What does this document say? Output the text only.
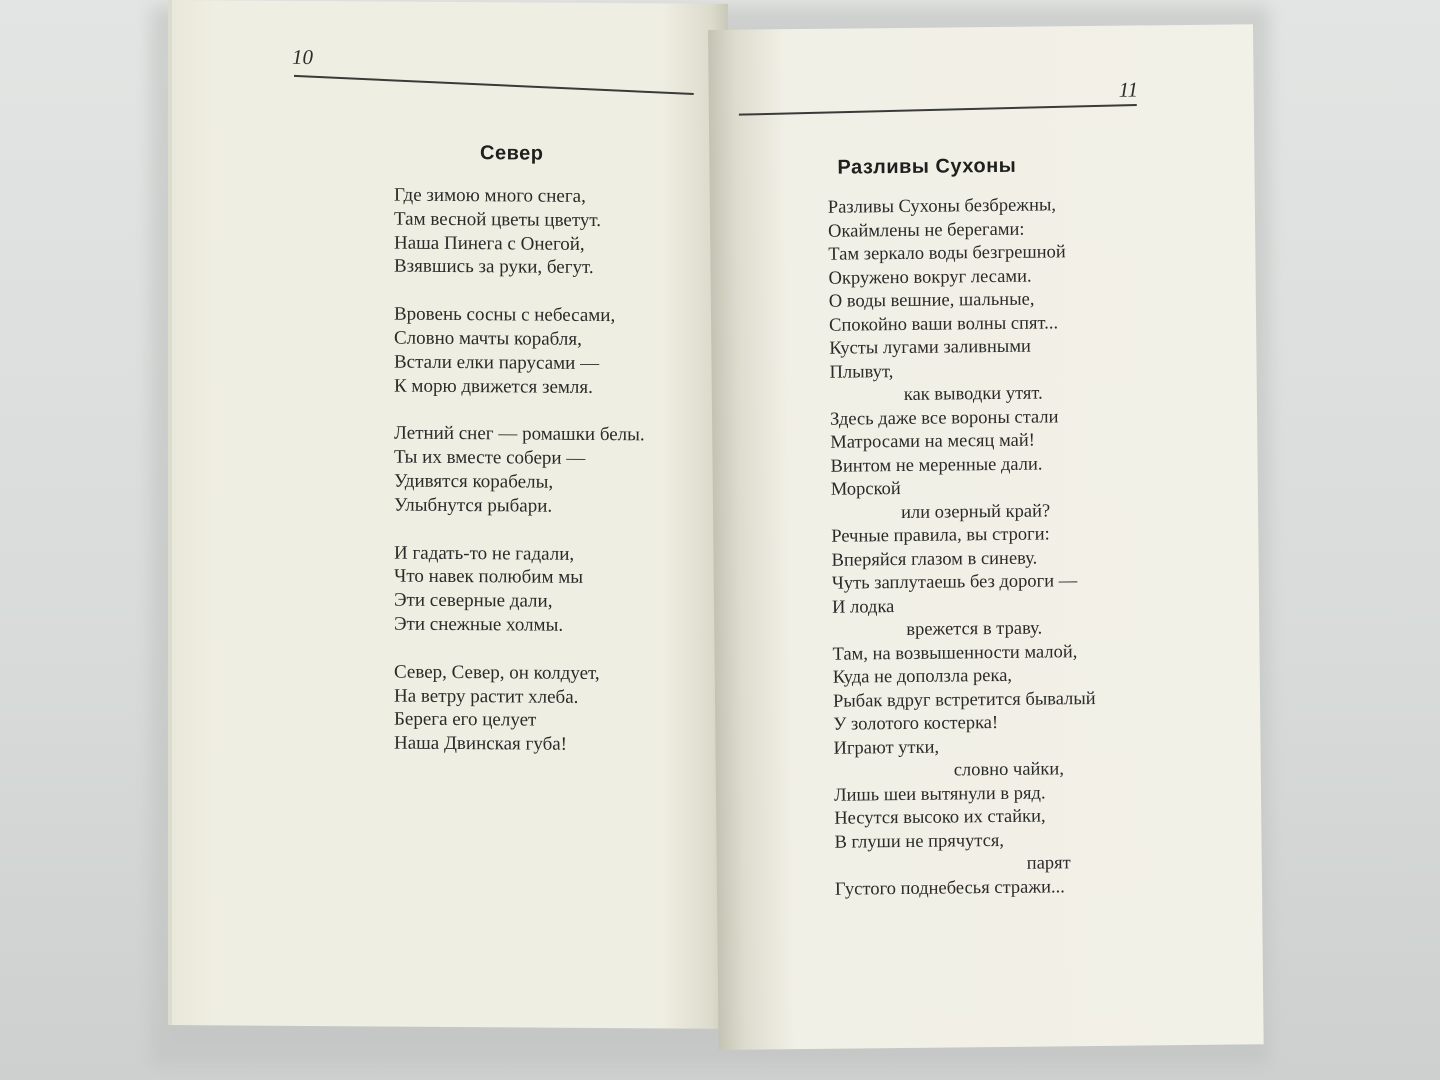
10
Север
Где зимою много снега,
Там весной цветы цветут.
Наша Пинега с Онегой,
Взявшись за руки, бегут.
Вровень сосны с небесами,
Словно мачты корабля,
Встали елки парусами —
К морю движется земля.
Летний снег — ромашки белы.
Ты их вместе собери —
Удивятся корабелы,
Улыбнутся рыбари.
И гадать-то не гадали,
Что навек полюбим мы
Эти северные дали,
Эти снежные холмы.
Север, Север, он колдует,
На ветру растит хлеба.
Берега его целует
Наша Двинская губа!
11
Разливы Сухоны
Разливы Сухоны безбрежны,
Окаймлены не берегами:
Там зеркало воды безгрешной
Окружено вокруг лесами.
О воды вешние, шальные,
Спокойно ваши волны спят...
Кусты лугами заливными
Плывут,
как выводки утят.
Здесь даже все вороны стали
Матросами на месяц май!
Винтом не меренные дали.
Морской
или озерный край?
Речные правила, вы строги:
Вперяйся глазом в синеву.
Чуть заплутаешь без дороги —
И лодка
врежется в траву.
Там, на возвышенности малой,
Куда не доползла река,
Рыбак вдруг встретится бывалый
У золотого костерка!
Играют утки,
словно чайки,
Лишь шеи вытянули в ряд.
Несутся высоко их стайки,
В глуши не прячутся,
парят
Густого поднебесья стражи...
